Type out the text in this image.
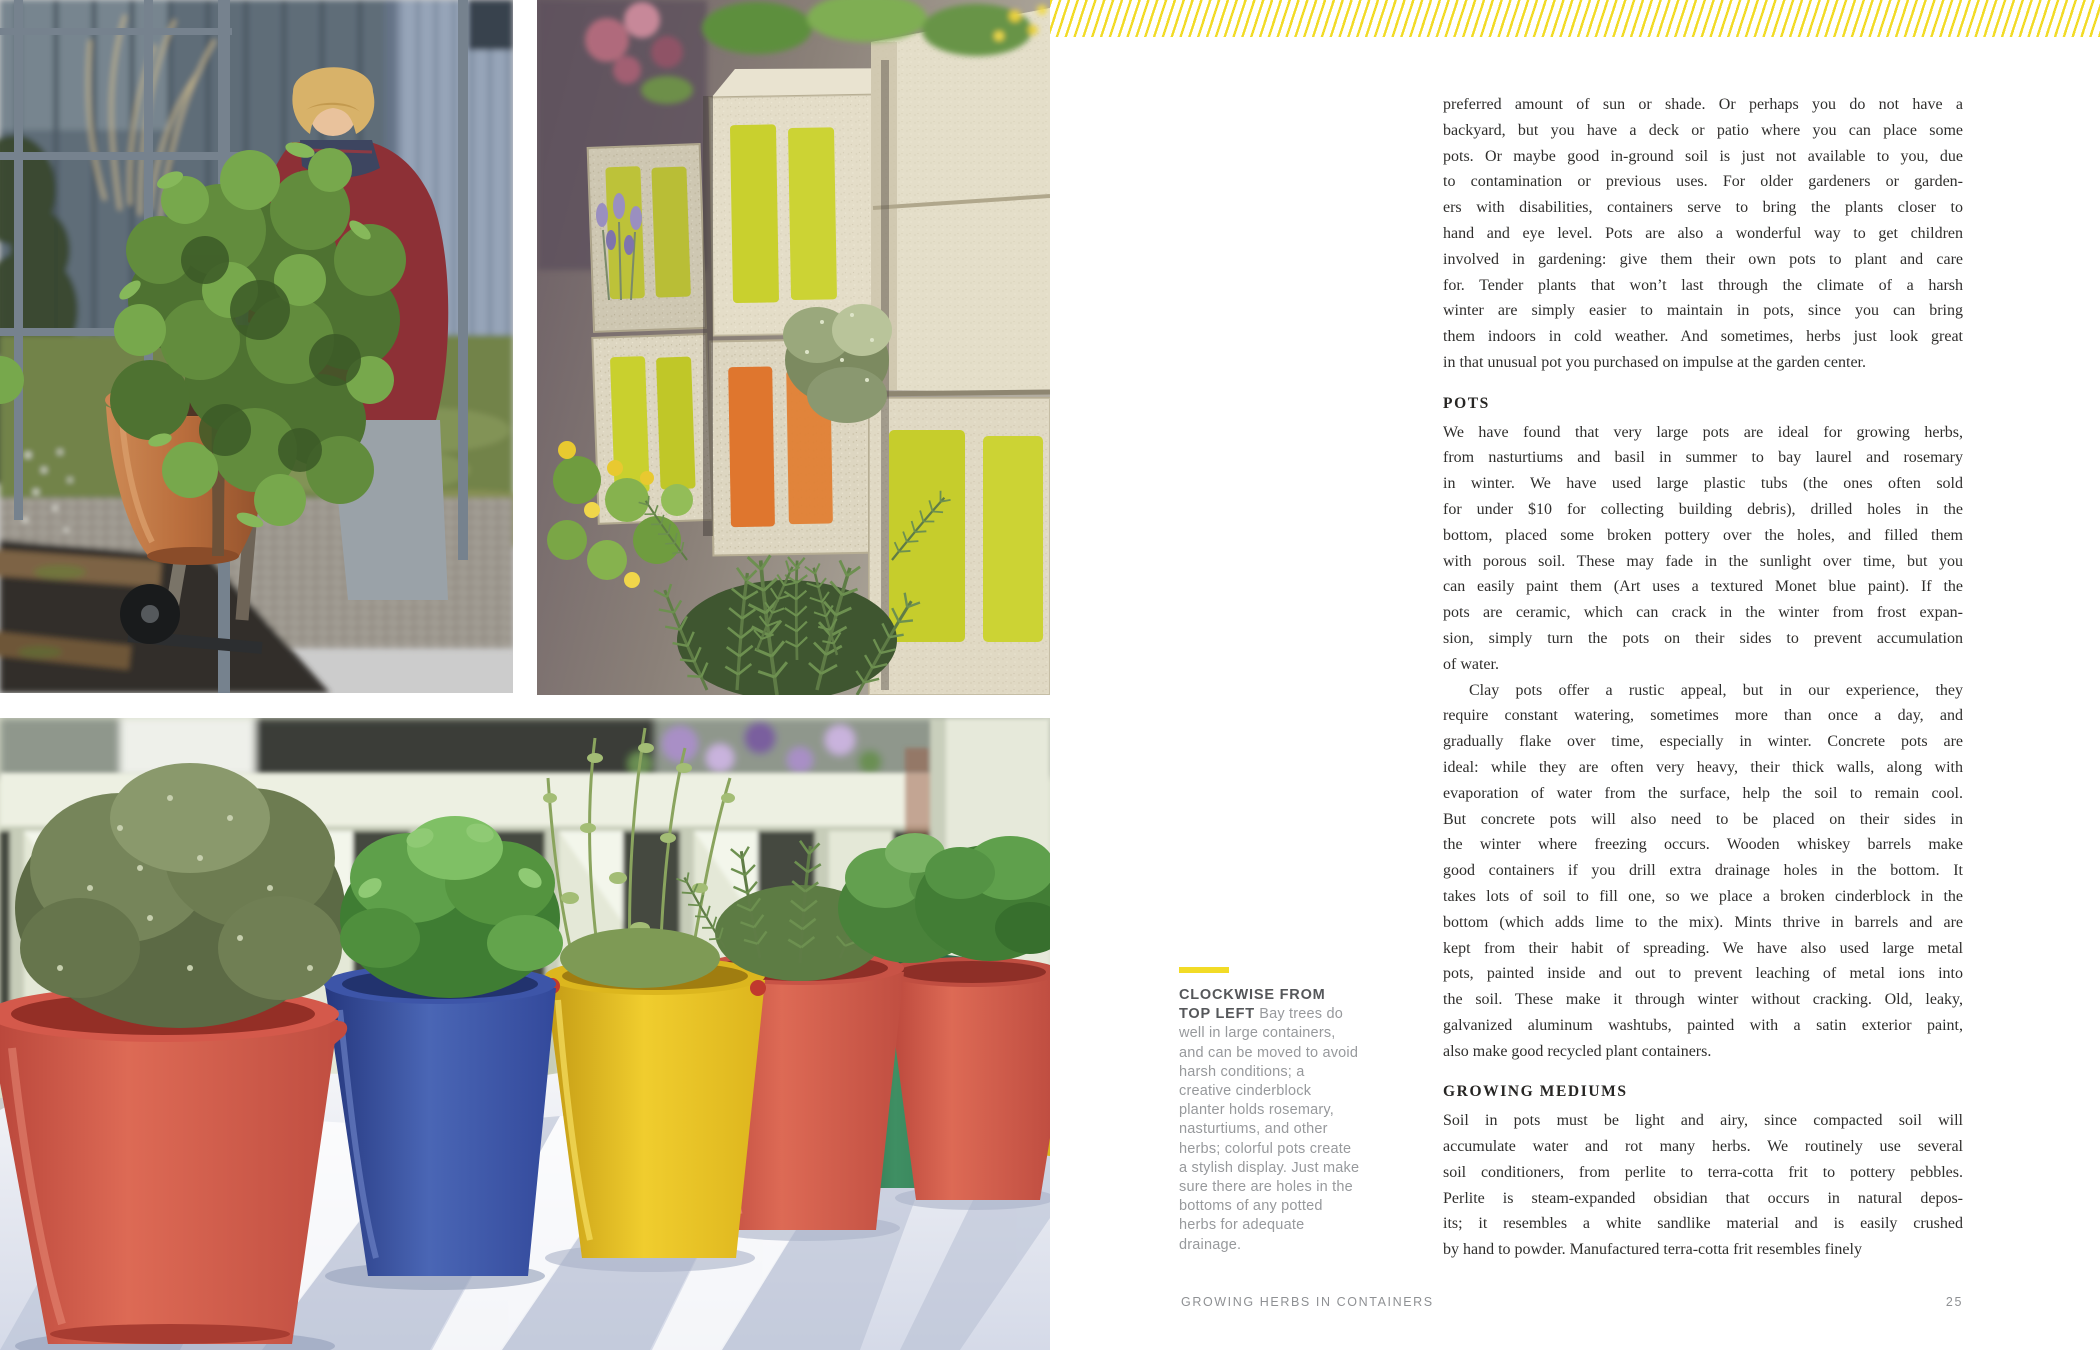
CLOCKWISE FROM TOP LEFT Bay trees do well in large containers, and can be moved to avoid harsh conditions; a creative cinderblock planter holds rosemary, nasturtiums, and other herbs; colorful pots create a stylish display. Just make sure there are holes in the bottoms of any potted herbs for adequate drainage.
preferred amount of sun or shade. Or perhaps you do not have a
backyard, but you have a deck or patio where you can place some
pots. Or maybe good in-ground soil is just not available to you, due
to contamination or previous uses. For older gardeners or garden-
ers with disabilities, containers serve to bring the plants closer to
hand and eye level. Pots are also a wonderful way to get children
involved in gardening: give them their own pots to plant and care
for. Tender plants that won’t last through the climate of a harsh
winter are simply easier to maintain in pots, since you can bring
them indoors in cold weather. And sometimes, herbs just look great
in that unusual pot you purchased on impulse at the garden center.
POTS
We have found that very large pots are ideal for growing herbs,
from nasturtiums and basil in summer to bay laurel and rosemary
in winter. We have used large plastic tubs (the ones often sold
for under $10 for collecting building debris), drilled holes in the
bottom, placed some broken pottery over the holes, and filled them
with porous soil. These may fade in the sunlight over time, but you
can easily paint them (Art uses a textured Monet blue paint). If the
pots are ceramic, which can crack in the winter from frost expan-
sion, simply turn the pots on their sides to prevent accumulation
of water.
Clay pots offer a rustic appeal, but in our experience, they
require constant watering, sometimes more than once a day, and
gradually flake over time, especially in winter. Concrete pots are
ideal: while they are often very heavy, their thick walls, along with
evaporation of water from the surface, help the soil to remain cool.
But concrete pots will also need to be placed on their sides in
the winter where freezing occurs. Wooden whiskey barrels make
good containers if you drill extra drainage holes in the bottom. It
takes lots of soil to fill one, so we place a broken cinderblock in the
bottom (which adds lime to the mix). Mints thrive in barrels and are
kept from their habit of spreading. We have also used large metal
pots, painted inside and out to prevent leaching of metal ions into
the soil. These make it through winter without cracking. Old, leaky,
galvanized aluminum washtubs, painted with a satin exterior paint,
also make good recycled plant containers.
GROWING MEDIUMS
Soil in pots must be light and airy, since compacted soil will
accumulate water and rot many herbs. We routinely use several
soil conditioners, from perlite to terra-cotta frit to pottery pebbles.
Perlite is steam-expanded obsidian that occurs in natural depos-
its; it resembles a white sandlike material and is easily crushed
by hand to powder. Manufactured terra-cotta frit resembles finely
GROWING HERBS IN CONTAINERS	25
